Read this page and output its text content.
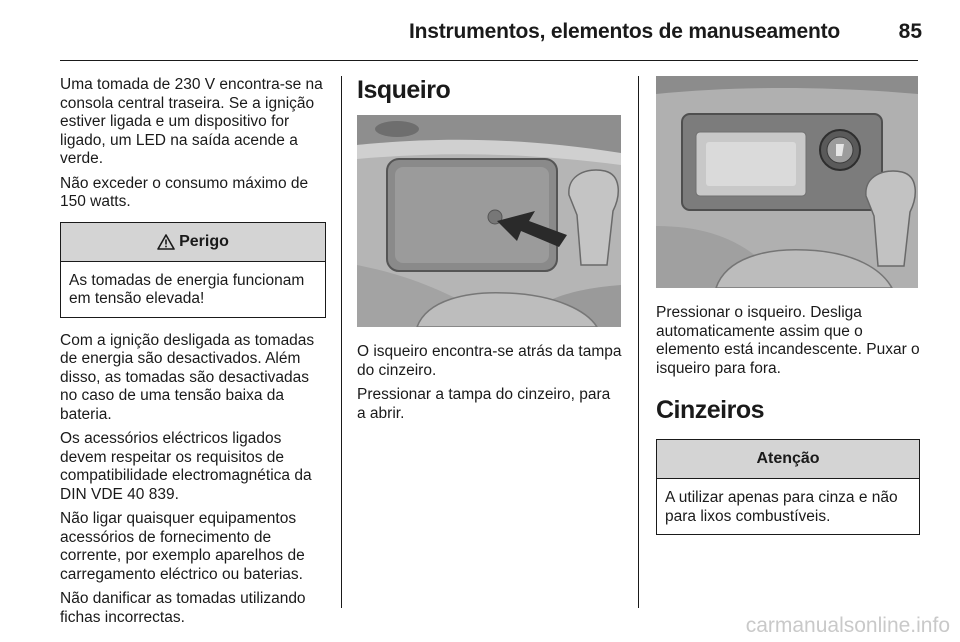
Instrumentos, elementos de manuseamento	85

Uma tomada de 230 V encontra-se na consola central traseira. Se a ignição estiver ligada e um dispositivo for ligado, um LED na saída acende a verde.

Não exceder o consumo máximo de 150 watts.

Perigo
As tomadas de energia funcionam em tensão elevada!

Com a ignição desligada as tomadas de energia são desactivados. Além disso, as tomadas são desactivadas no caso de uma tensão baixa da bateria.

Os acessórios eléctricos ligados devem respeitar os requisitos de compatibilidade electromagnética da DIN VDE 40 839.

Não ligar quaisquer equipamentos acessórios de fornecimento de corrente, por exemplo aparelhos de carregamento eléctrico ou baterias.

Não danificar as tomadas utilizando fichas incorrectas.

Isqueiro

O isqueiro encontra-se atrás da tampa do cinzeiro.

Pressionar a tampa do cinzeiro, para a abrir.

Pressionar o isqueiro. Desliga automaticamente assim que o elemento está incandescente. Puxar o isqueiro para fora.

Cinzeiros
Atenção
A utilizar apenas para cinza e não para lixos combustíveis.
carmanualsonline.info
